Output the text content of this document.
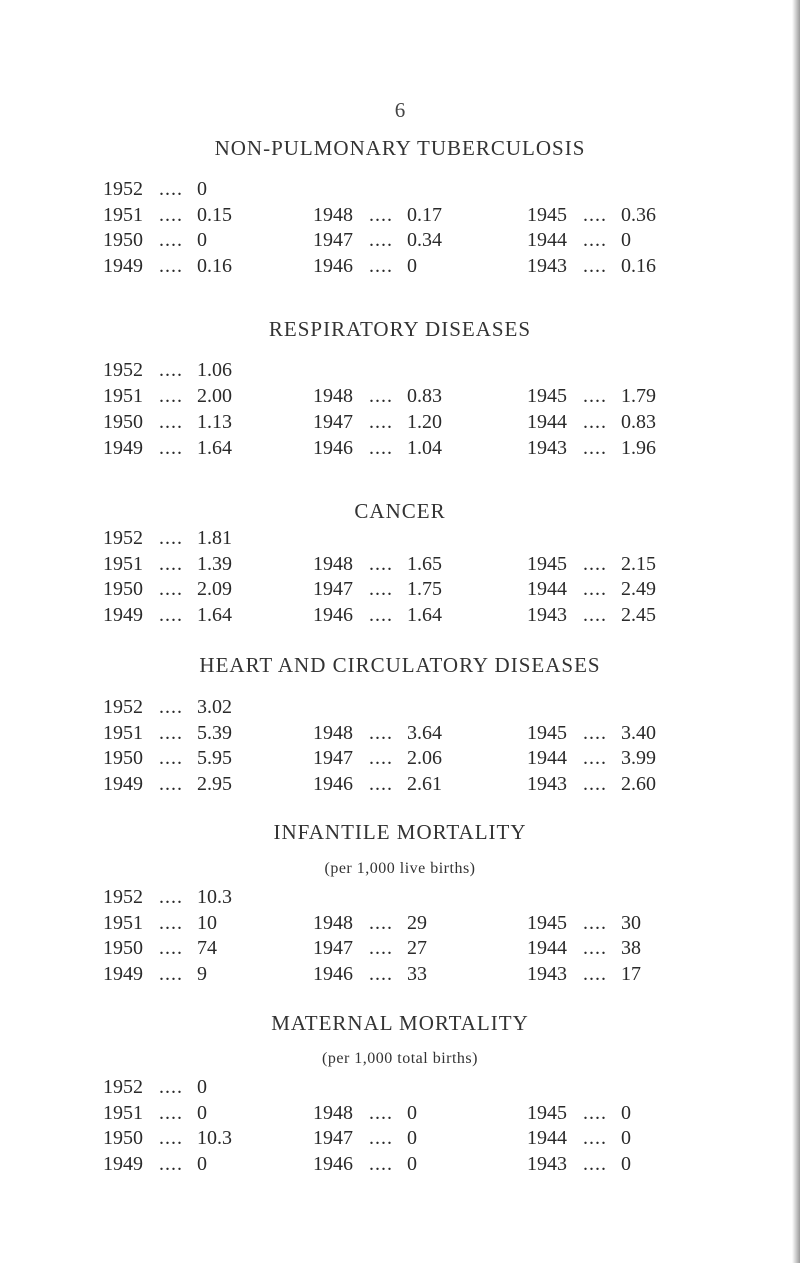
6
NON-PULMONARY TUBERCULOSIS
1952 .... 0
1951 .... 0.15
1950 .... 0
1949 .... 0.16
1948 .... 0.17
1947 .... 0.34
1946 .... 0
1945 .... 0.36
1944 .... 0
1943 .... 0.16
RESPIRATORY DISEASES
1952 .... 1.06
1951 .... 2.00
1950 .... 1.13
1949 .... 1.64
1948 .... 0.83
1947 .... 1.20
1946 .... 1.04
1945 .... 1.79
1944 .... 0.83
1943 .... 1.96
CANCER
1952 .... 1.81
1951 .... 1.39
1950 .... 2.09
1949 .... 1.64
1948 .... 1.65
1947 .... 1.75
1946 .... 1.64
1945 .... 2.15
1944 .... 2.49
1943 .... 2.45
HEART AND CIRCULATORY DISEASES
1952 .... 3.02
1951 .... 5.39
1950 .... 5.95
1949 .... 2.95
1948 .... 3.64
1947 .... 2.06
1946 .... 2.61
1945 .... 3.40
1944 .... 3.99
1943 .... 2.60
INFANTILE MORTALITY
(per 1,000 live births)
1952 .... 10.3
1951 .... 10
1950 .... 74
1949 .... 9
1948 .... 29
1947 .... 27
1946 .... 33
1945 .... 30
1944 .... 38
1943 .... 17
MATERNAL MORTALITY
(per 1,000 total births)
1952 .... 0
1951 .... 0
1950 .... 10.3
1949 .... 0
1948 .... 0
1947 .... 0
1946 .... 0
1945 .... 0
1944 .... 0
1943 .... 0
